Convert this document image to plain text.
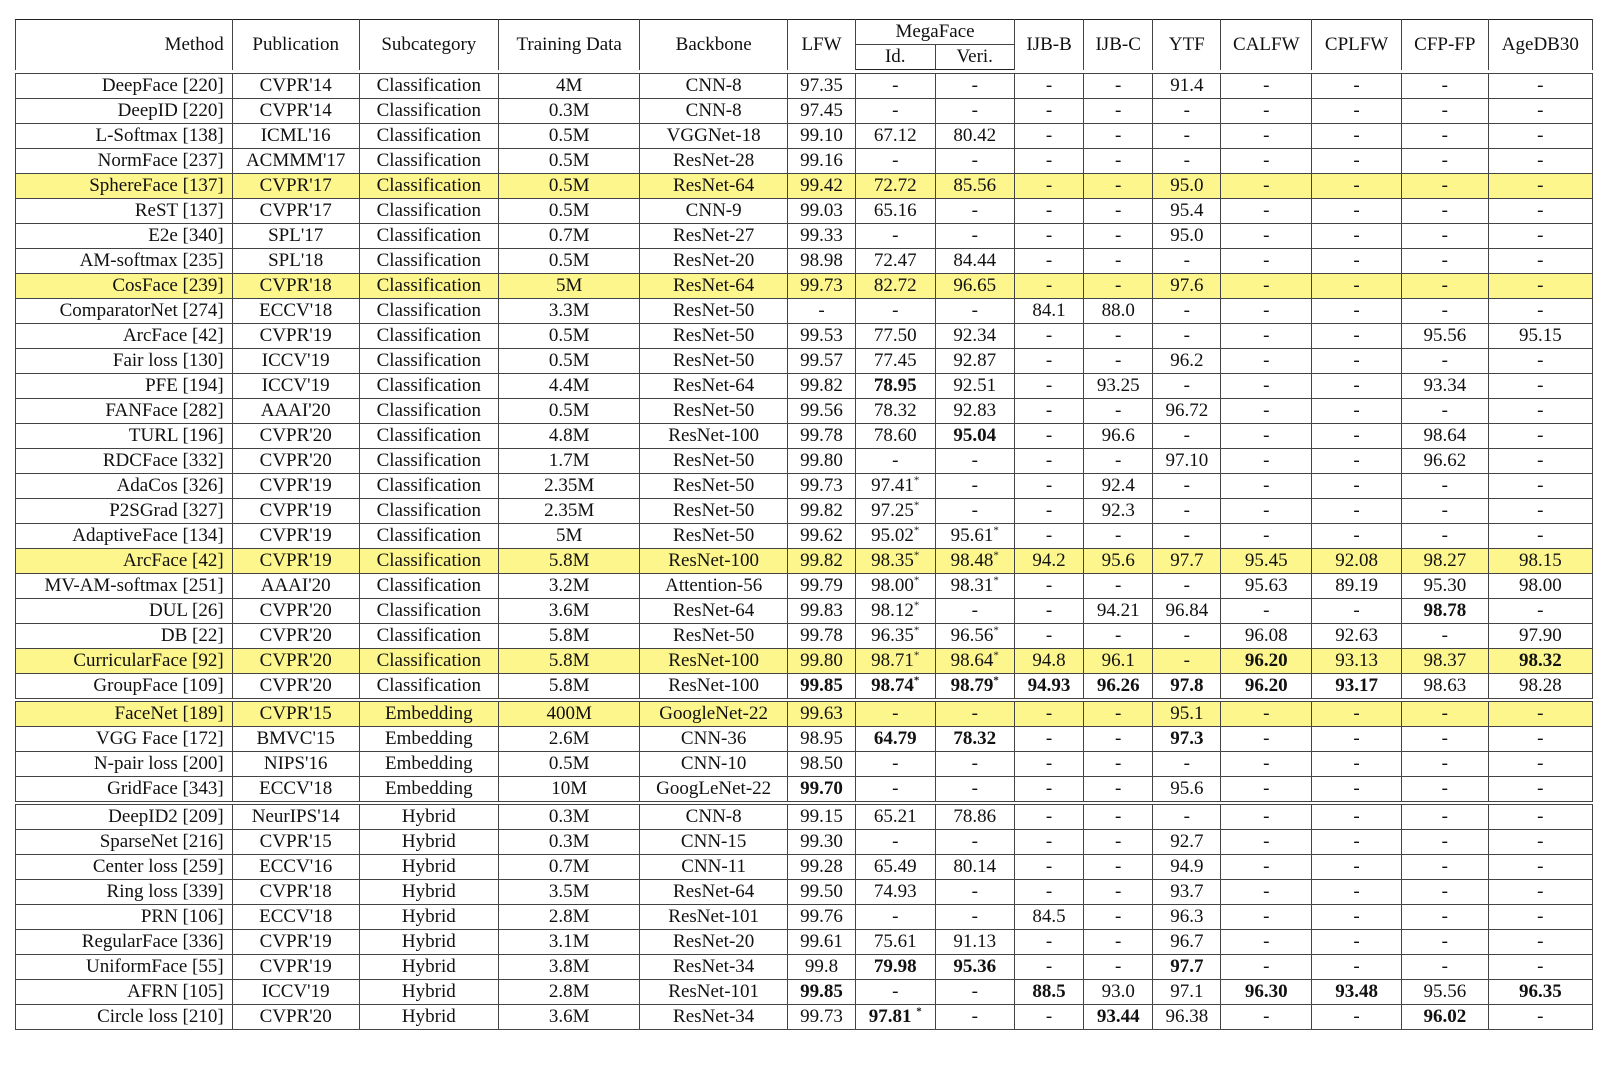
Method	Publication	Subcategory	Training Data	Backbone	LFW	MegaFace		IJB-B	IJB-C	YTF	CALFW	CPLFW	CFP-FP	AgeDB30
						Id.	Veri.							

DeepFace [220]	CVPR'14	Classification	4M	CNN-8	97.35	-	-	-	-	91.4	-	-	-	-
DeepID [220]	CVPR'14	Classification	0.3M	CNN-8	97.45	-	-	-	-	-	-	-	-	-
L-Softmax [138]	ICML'16	Classification	0.5M	VGGNet-18	99.10	67.12	80.42	-	-	-	-	-	-	-
NormFace [237]	ACMMM'17	Classification	0.5M	ResNet-28	99.16	-	-	-	-	-	-	-	-	-
SphereFace [137]	CVPR'17	Classification	0.5M	ResNet-64	99.42	72.72	85.56	-	-	95.0	-	-	-	-
ReST [137]	CVPR'17	Classification	0.5M	CNN-9	99.03	65.16	-	-	-	95.4	-	-	-	-
E2e [340]	SPL'17	Classification	0.7M	ResNet-27	99.33	-	-	-	-	95.0	-	-	-	-
AM-softmax [235]	SPL'18	Classification	0.5M	ResNet-20	98.98	72.47	84.44	-	-	-	-	-	-	-
CosFace [239]	CVPR'18	Classification	5M	ResNet-64	99.73	82.72	96.65	-	-	97.6	-	-	-	-
ComparatorNet [274]	ECCV'18	Classification	3.3M	ResNet-50	-	-	-	84.1	88.0	-	-	-	-	-
ArcFace [42]	CVPR'19	Classification	0.5M	ResNet-50	99.53	77.50	92.34	-	-	-	-	-	95.56	95.15
Fair loss [130]	ICCV'19	Classification	0.5M	ResNet-50	99.57	77.45	92.87	-	-	96.2	-	-	-	-
PFE [194]	ICCV'19	Classification	4.4M	ResNet-64	99.82	78.95	92.51	-	93.25	-	-	-	93.34	-
FANFace [282]	AAAI'20	Classification	0.5M	ResNet-50	99.56	78.32	92.83	-	-	96.72	-	-	-	-
TURL [196]	CVPR'20	Classification	4.8M	ResNet-100	99.78	78.60	95.04	-	96.6	-	-	-	98.64	-
RDCFace [332]	CVPR'20	Classification	1.7M	ResNet-50	99.80	-	-	-	-	97.10	-	-	96.62	-
AdaCos [326]	CVPR'19	Classification	2.35M	ResNet-50	99.73	97.41*	-	-	92.4	-	-	-	-	-
P2SGrad [327]	CVPR'19	Classification	2.35M	ResNet-50	99.82	97.25*	-	-	92.3	-	-	-	-	-
AdaptiveFace [134]	CVPR'19	Classification	5M	ResNet-50	99.62	95.02*	95.61*	-	-	-	-	-	-	-
ArcFace [42]	CVPR'19	Classification	5.8M	ResNet-100	99.82	98.35*	98.48*	94.2	95.6	97.7	95.45	92.08	98.27	98.15
MV-AM-softmax [251]	AAAI'20	Classification	3.2M	Attention-56	99.79	98.00*	98.31*	-	-	-	95.63	89.19	95.30	98.00
DUL [26]	CVPR'20	Classification	3.6M	ResNet-64	99.83	98.12*	-	-	94.21	96.84	-	-	98.78	-
DB [22]	CVPR'20	Classification	5.8M	ResNet-50	99.78	96.35*	96.56*	-	-	-	96.08	92.63	-	97.90
CurricularFace [92]	CVPR'20	Classification	5.8M	ResNet-100	99.80	98.71*	98.64*	94.8	96.1	-	96.20	93.13	98.37	98.32
GroupFace [109]	CVPR'20	Classification	5.8M	ResNet-100	99.85	98.74*	98.79*	94.93	96.26	97.8	96.20	93.17	98.63	98.28
FaceNet [189]	CVPR'15	Embedding	400M	GoogleNet-22	99.63	-	-	-	-	95.1	-	-	-	-
VGG Face [172]	BMVC'15	Embedding	2.6M	CNN-36	98.95	64.79	78.32	-	-	97.3	-	-	-	-
N-pair loss [200]	NIPS'16	Embedding	0.5M	CNN-10	98.50	-	-	-	-	-	-	-	-	-
GridFace [343]	ECCV'18	Embedding	10M	GoogLeNet-22	99.70	-	-	-	-	95.6	-	-	-	-
DeepID2 [209]	NeurIPS'14	Hybrid	0.3M	CNN-8	99.15	65.21	78.86	-	-	-	-	-	-	-
SparseNet [216]	CVPR'15	Hybrid	0.3M	CNN-15	99.30	-	-	-	-	92.7	-	-	-	-
Center loss [259]	ECCV'16	Hybrid	0.7M	CNN-11	99.28	65.49	80.14	-	-	94.9	-	-	-	-
Ring loss [339]	CVPR'18	Hybrid	3.5M	ResNet-64	99.50	74.93	-	-	-	93.7	-	-	-	-
PRN [106]	ECCV'18	Hybrid	2.8M	ResNet-101	99.76	-	-	84.5	-	96.3	-	-	-	-
RegularFace [336]	CVPR'19	Hybrid	3.1M	ResNet-20	99.61	75.61	91.13	-	-	96.7	-	-	-	-
UniformFace [55]	CVPR'19	Hybrid	3.8M	ResNet-34	99.8	79.98	95.36	-	-	97.7	-	-	-	-
AFRN [105]	ICCV'19	Hybrid	2.8M	ResNet-101	99.85	-	-	88.5	93.0	97.1	96.30	93.48	95.56	96.35
Circle loss [210]	CVPR'20	Hybrid	3.6M	ResNet-34	99.73	97.81 *	-	-	93.44	96.38	-	-	96.02	-
